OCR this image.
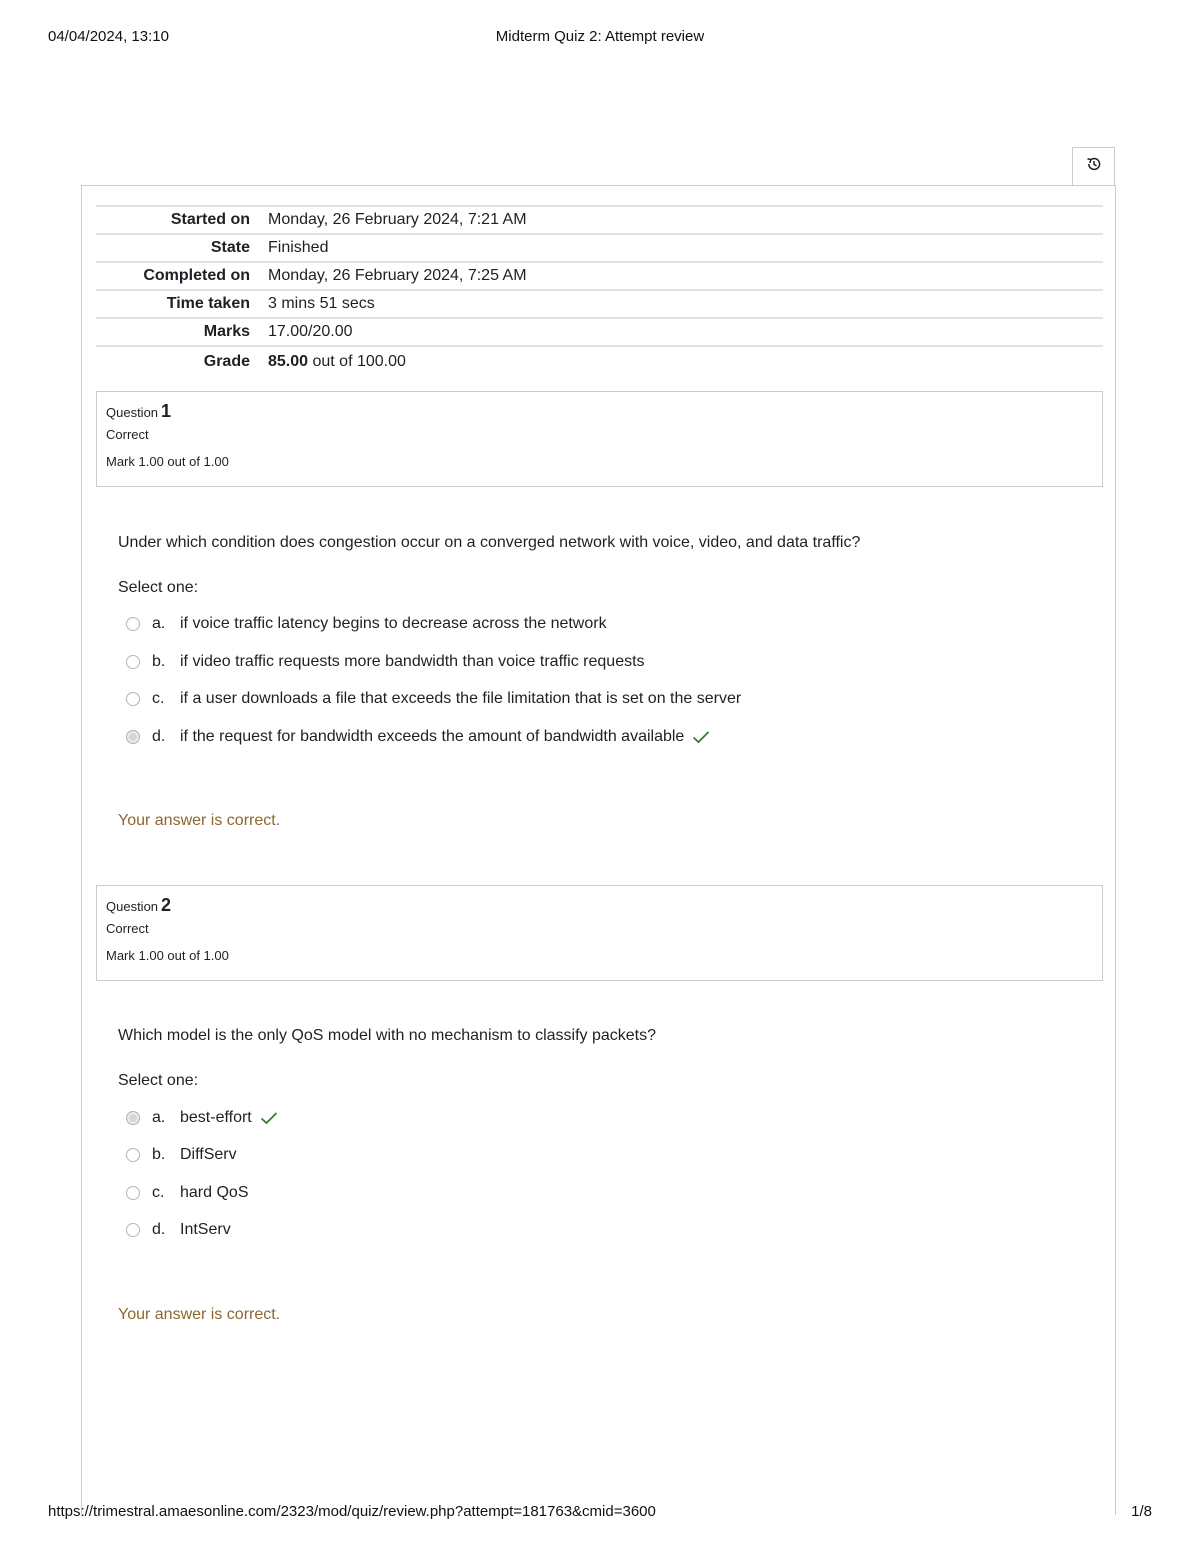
04/04/2024, 13:10	Midterm Quiz 2: Attempt review
Started on	Monday, 26 February 2024, 7:21 AM
State	Finished
Completed on	Monday, 26 February 2024, 7:25 AM
Time taken	3 mins 51 secs
Marks	17.00/20.00
Grade	85.00 out of 100.00
Question 1
Correct
Mark 1.00 out of 1.00
Under which condition does congestion occur on a converged network with voice, video, and data traffic?
Select one:
a. if voice traffic latency begins to decrease across the network
b. if video traffic requests more bandwidth than voice traffic requests
c. if a user downloads a file that exceeds the file limitation that is set on the server
d. if the request for bandwidth exceeds the amount of bandwidth available
Your answer is correct.
Question 2
Correct
Mark 1.00 out of 1.00
Which model is the only QoS model with no mechanism to classify packets?
Select one:
a. best-effort
b. DiffServ
c. hard QoS
d. IntServ
Your answer is correct.
https://trimestral.amaesonline.com/2323/mod/quiz/review.php?attempt=181763&cmid=3600	1/8
